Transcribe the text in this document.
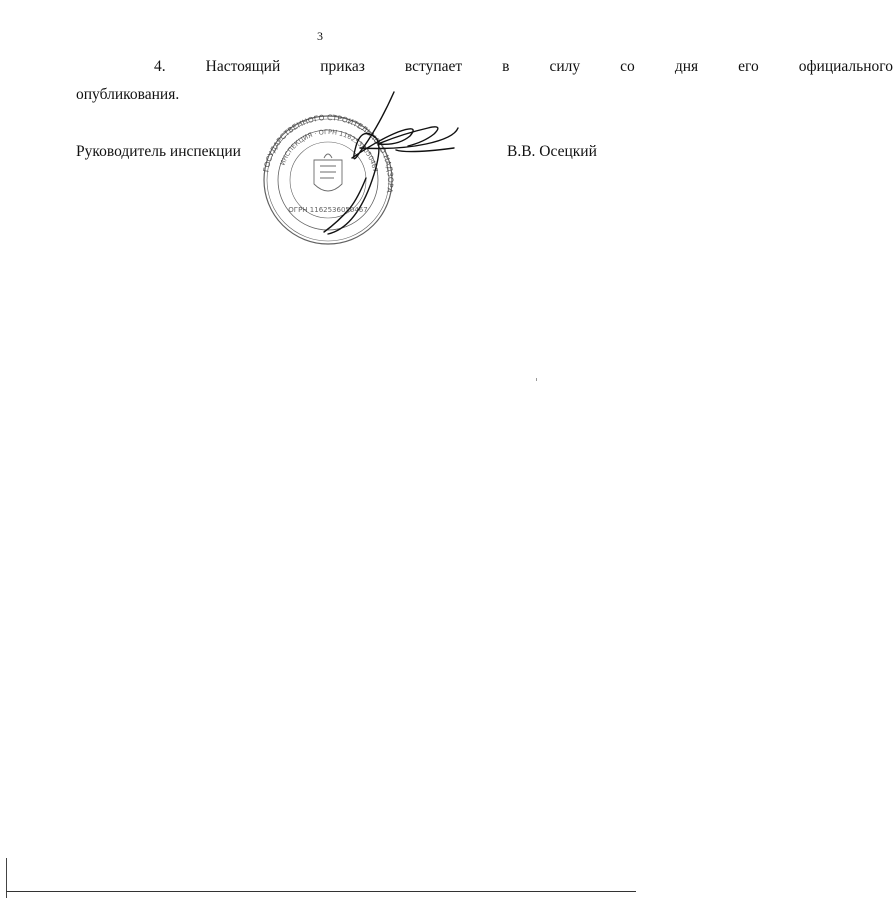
3
4.	Настоящий	приказ	вступает	в	силу	со	дня	его	официального
опубликования.
Руководитель инспекции	В.В. Осецкий
ГОСУДАРСТВЕННОГО СТРОИТЕЛЬНОГО НАДЗОРА
ИНСПЕКЦИЯ · ОГРН 1162536050467
ОГРН 1162536050467
